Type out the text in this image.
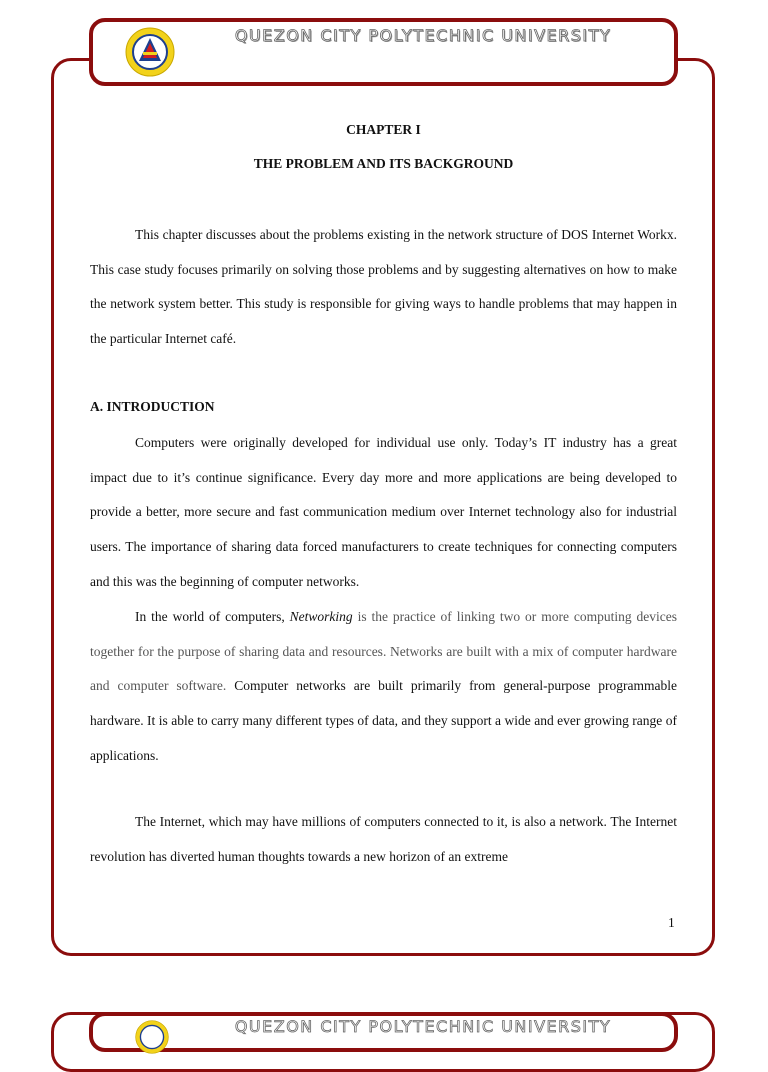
QUEZON CITY POLYTECHNIC UNIVERSITY

CHAPTER I

THE PROBLEM AND ITS BACKGROUND

This chapter discusses about the problems existing in the network structure of DOS Internet Workx. This case study focuses primarily on solving those problems and by suggesting alternatives on how to make the network system better. This study is responsible for giving ways to handle problems that may happen in the particular Internet café.

A. INTRODUCTION

Computers were originally developed for individual use only. Today’s IT industry has a great impact due to it’s continue significance. Every day more and more applications are being developed to provide a better, more secure and fast communication medium over Internet technology also for industrial users. The importance of sharing data forced manufacturers to create techniques for connecting computers and this was the beginning of computer networks.

In the world of computers, Networking is the practice of linking two or more computing devices together for the purpose of sharing data and resources. Networks are built with a mix of computer hardware and computer software. Computer networks are built primarily from general-purpose programmable hardware. It is able to carry many different types of data, and they support a wide and ever growing range of applications.

The Internet, which may have millions of computers connected to it, is also a network. The Internet revolution has diverted human thoughts towards a new horizon of an extreme

1
QUEZON CITY POLYTECHNIC UNIVERSITY
